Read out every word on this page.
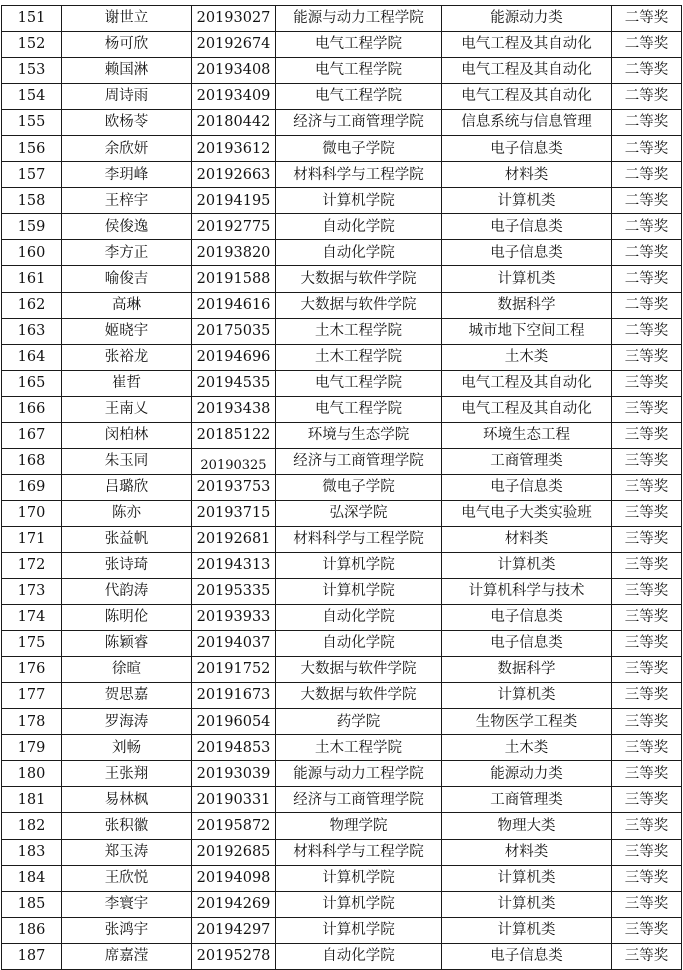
151	谢世立	20193027	能源与动力工程学院	能源动力类	二等奖
152	杨可欣	20192674	电气工程学院	电气工程及其自动化	二等奖
153	赖国淋	20193408	电气工程学院	电气工程及其自动化	二等奖
154	周诗雨	20193409	电气工程学院	电气工程及其自动化	二等奖
155	欧杨苓	20180442	经济与工商管理学院	信息系统与信息管理	二等奖
156	余欣妍	20193612	微电子学院	电子信息类	二等奖
157	李玥峰	20192663	材料科学与工程学院	材料类	二等奖
158	王梓宇	20194195	计算机学院	计算机类	二等奖
159	侯俊逸	20192775	自动化学院	电子信息类	二等奖
160	李方正	20193820	自动化学院	电子信息类	二等奖
161	喻俊吉	20191588	大数据与软件学院	计算机类	二等奖
162	高琳	20194616	大数据与软件学院	数据科学	二等奖
163	姬晓宇	20175035	土木工程学院	城市地下空间工程	二等奖
164	张裕龙	20194696	土木工程学院	土木类	三等奖
165	崔哲	20194535	电气工程学院	电气工程及其自动化	三等奖
166	王南乂	20193438	电气工程学院	电气工程及其自动化	三等奖
167	闵柏林	20185122	环境与生态学院	环境生态工程	三等奖
168	朱玉同	20190325	经济与工商管理学院	工商管理类	三等奖
169	吕璐欣	20193753	微电子学院	电子信息类	三等奖
170	陈亦	20193715	弘深学院	电气电子大类实验班	三等奖
171	张益帆	20192681	材料科学与工程学院	材料类	三等奖
172	张诗琦	20194313	计算机学院	计算机类	三等奖
173	代韵涛	20195335	计算机学院	计算机科学与技术	三等奖
174	陈明伦	20193933	自动化学院	电子信息类	三等奖
175	陈颖睿	20194037	自动化学院	电子信息类	三等奖
176	徐暄	20191752	大数据与软件学院	数据科学	三等奖
177	贺思嘉	20191673	大数据与软件学院	计算机类	三等奖
178	罗海涛	20196054	药学院	生物医学工程类	三等奖
179	刘畅	20194853	土木工程学院	土木类	三等奖
180	王张翔	20193039	能源与动力工程学院	能源动力类	三等奖
181	易林枫	20190331	经济与工商管理学院	工商管理类	三等奖
182	张积徽	20195872	物理学院	物理大类	三等奖
183	郑玉涛	20192685	材料科学与工程学院	材料类	三等奖
184	王欣悦	20194098	计算机学院	计算机类	三等奖
185	李寰宇	20194269	计算机学院	计算机类	三等奖
186	张鸿宇	20194297	计算机学院	计算机类	三等奖
187	席嘉滢	20195278	自动化学院	电子信息类	三等奖
